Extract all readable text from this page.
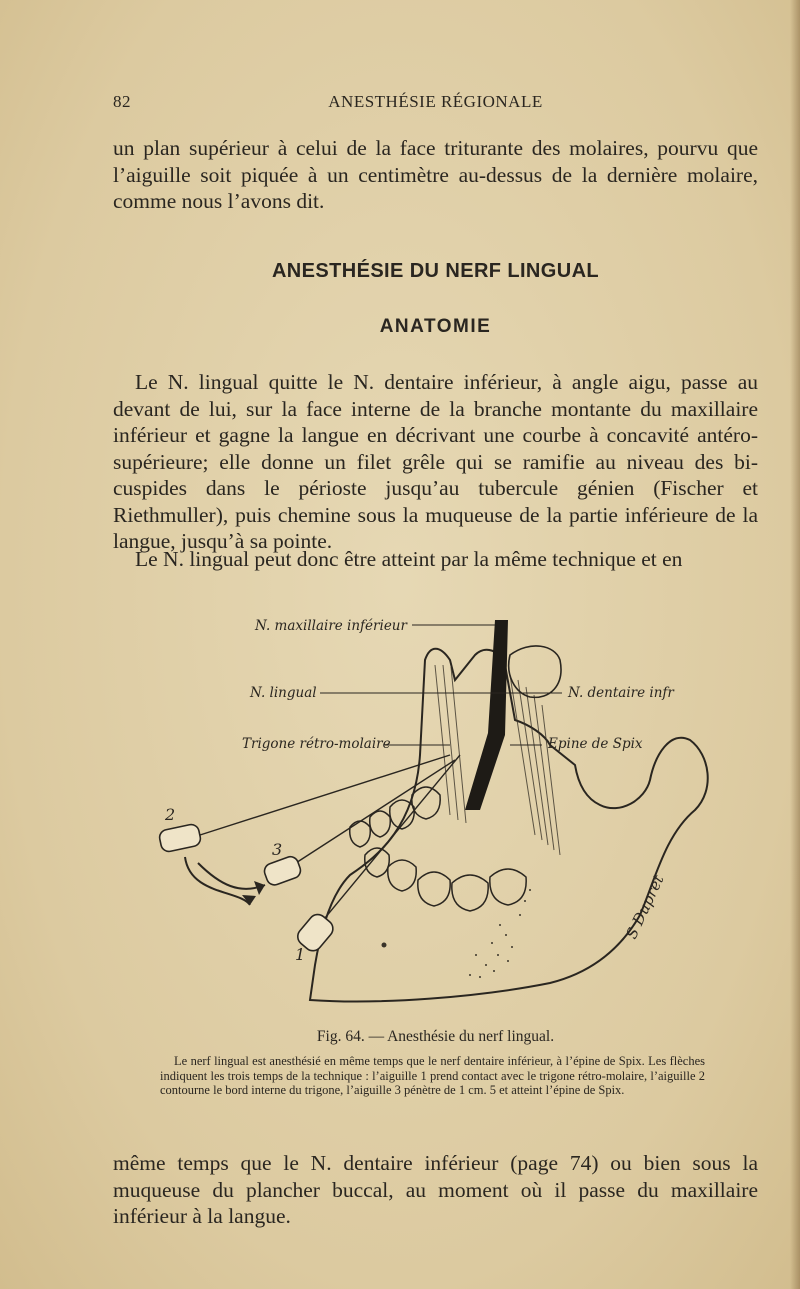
82	ANESTHÉSIE RÉGIONALE

un plan supérieur à celui de la face triturante des molaires, pourvu que l’aiguille soit piquée à un centimètre au-dessus de la dernière molaire, comme nous l’avons dit.

ANESTHÉSIE DU NERF LINGUAL
ANATOMIE

Le N. lingual quitte le N. dentaire inférieur, à angle aigu, passe au devant de lui, sur la face interne de la branche montante du maxillaire inférieur et gagne la langue en décrivant une courbe à concavité antéro-supérieure; elle donne un filet grêle qui se ramifie au niveau des bi-cuspides dans le périoste jusqu’au tubercule génien (Fischer et Riethmuller), puis chemine sous la muqueuse de la partie inférieure de la langue, jusqu’à sa pointe.

Le N. lingual peut donc être atteint par la même technique et en

N. maxillaire inférieur
N. lingual
Trigone rétro-molaire
N. dentaire infr
Epine de Spix
1
2
3
S Dupret
Fig. 64. — Anesthésie du nerf lingual.
Le nerf lingual est anesthésié en même temps que le nerf dentaire inférieur, à l’épine de Spix. Les flèches indiquent les trois temps de la technique : l’aiguille 1 prend contact avec le trigone rétro-molaire, l’aiguille 2 contourne le bord interne du trigone, l’aiguille 3 pénètre de 1 cm. 5 et atteint l’épine de Spix.

même temps que le N. dentaire inférieur (page 74) ou bien sous la muqueuse du plancher buccal, au moment où il passe du maxillaire inférieur à la langue.
